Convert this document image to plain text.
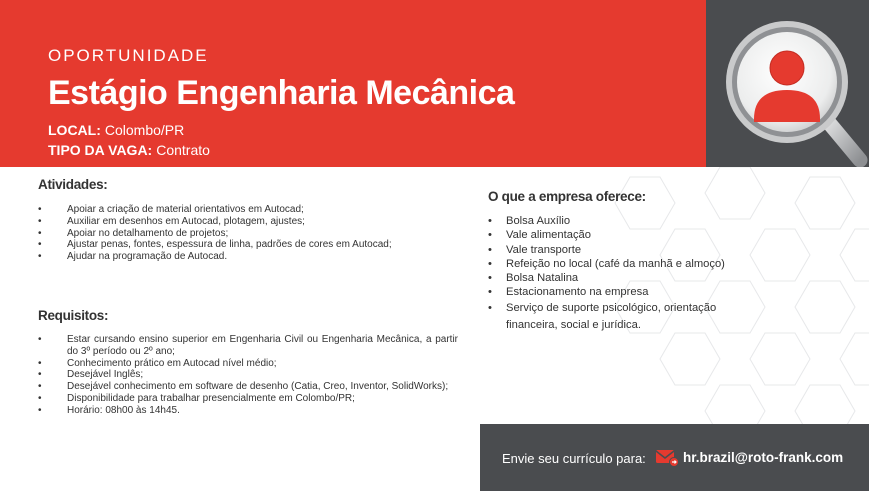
OPORTUNIDADE
Estágio Engenharia Mecânica
LOCAL: Colombo/PR
TIPO DA VAGA: Contrato
Atividades:
• Apoiar a criação de material orientativos em Autocad;
• Auxiliar em desenhos em Autocad, plotagem, ajustes;
• Apoiar no detalhamento de projetos;
• Ajustar penas, fontes, espessura de linha, padrões de cores em Autocad;
• Ajudar na programação de Autocad.
Requisitos:
• Estar cursando ensino superior em Engenharia Civil ou Engenharia Mecânica, a partir do 3º período ou 2º ano;
• Conhecimento prático em Autocad nível médio;
• Desejável Inglês;
• Desejável conhecimento em software de desenho (Catia, Creo, Inventor, SolidWorks);
• Disponibilidade para trabalhar presencialmente em Colombo/PR;
• Horário: 08h00 às 14h45.
O que a empresa oferece:
• Bolsa Auxílio
• Vale alimentação
• Vale transporte
• Refeição no local (café da manhã e almoço)
• Bolsa Natalina
• Estacionamento na empresa
• Serviço de suporte psicológico, orientação financeira, social e jurídica.
Envie seu currículo para:	hr.brazil@roto-frank.com
